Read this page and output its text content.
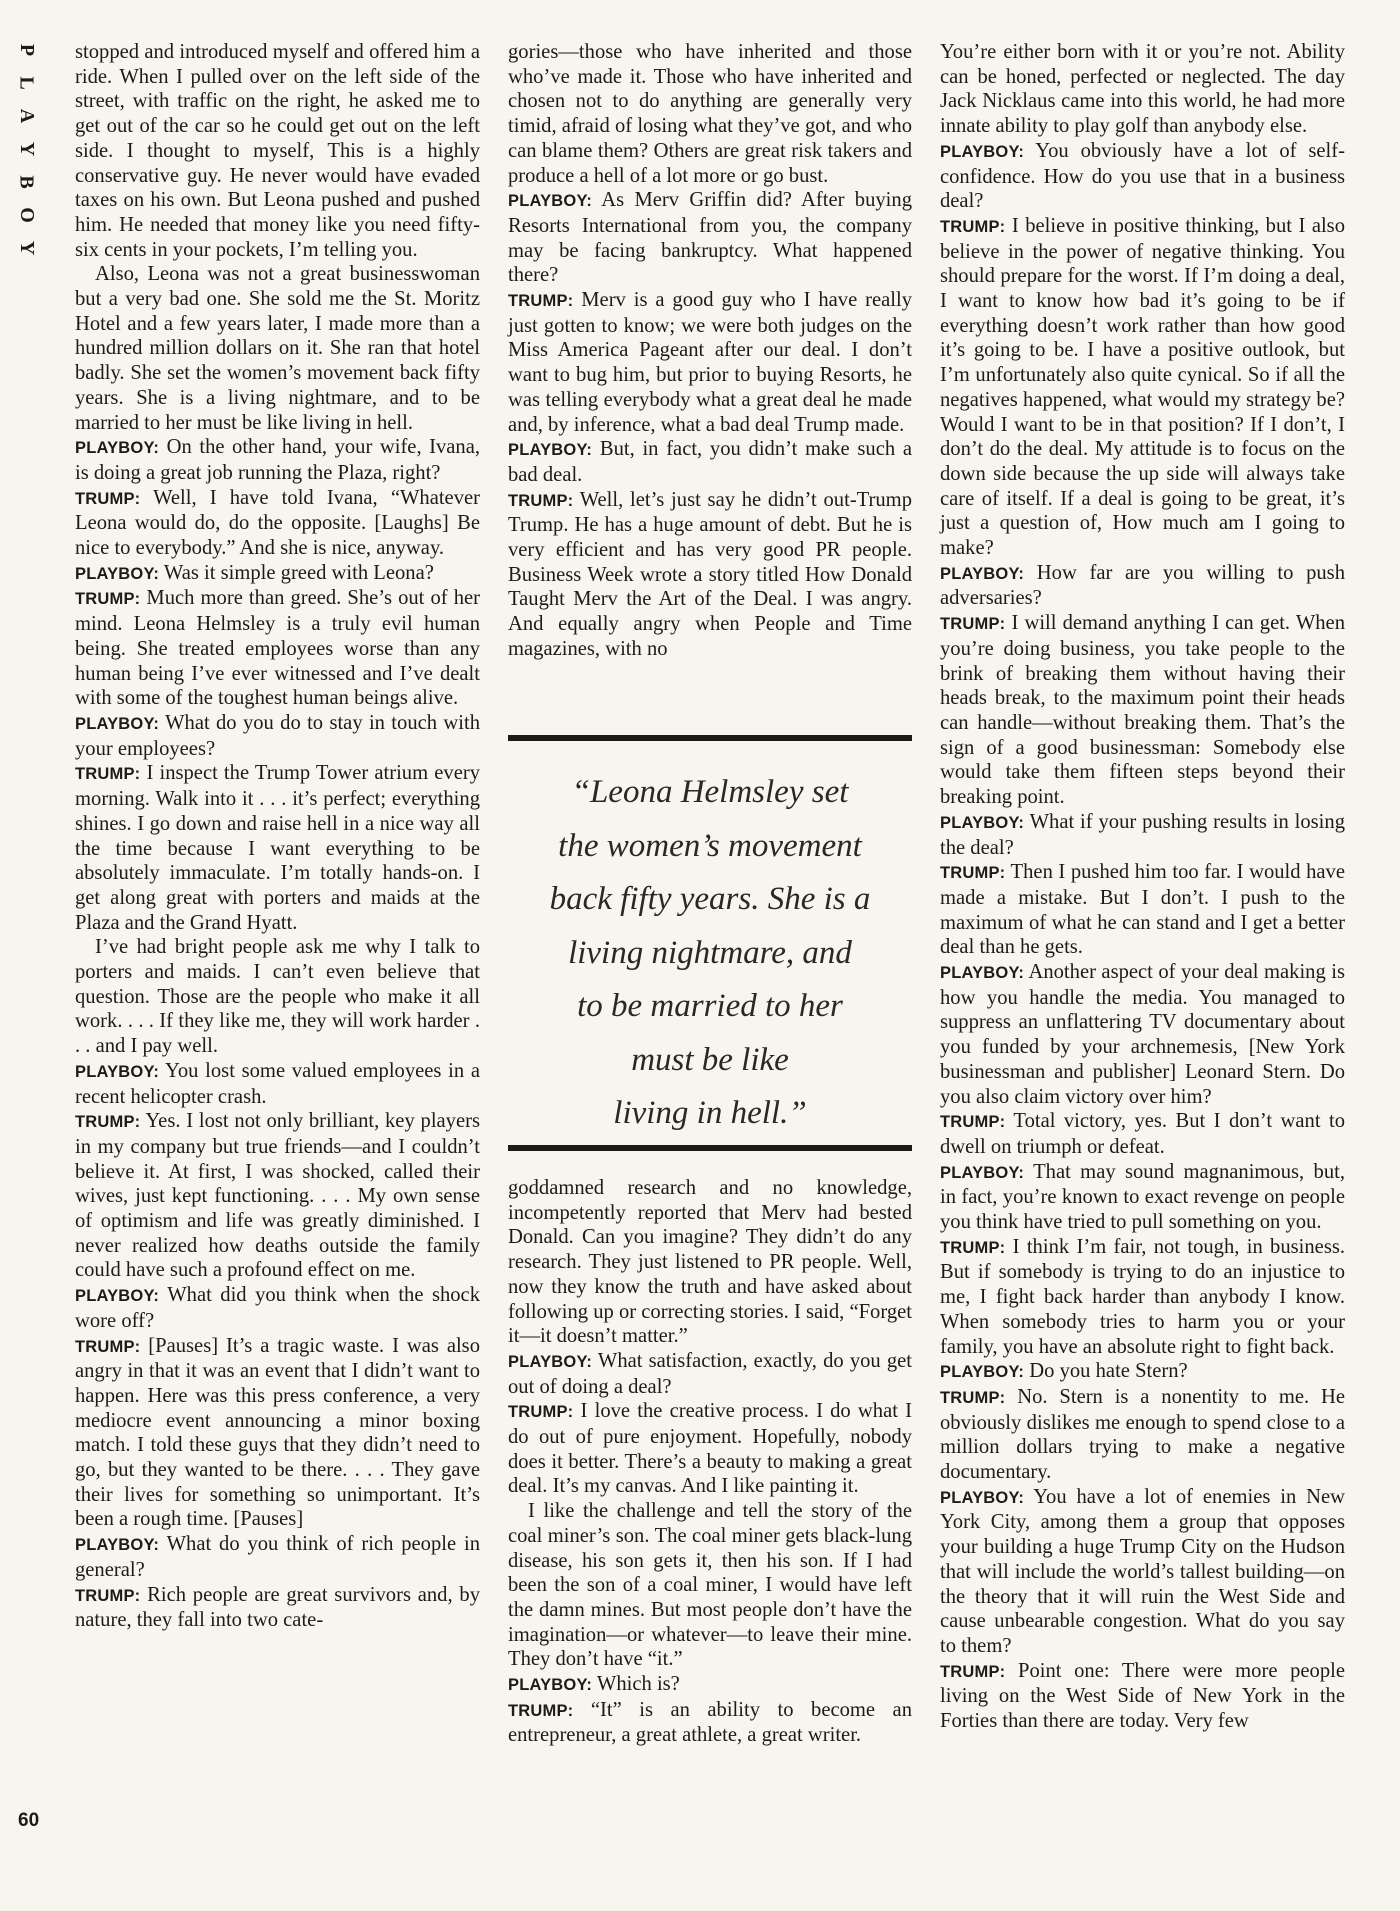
P
L
A
Y
B
O
Y
60

stopped and introduced myself and offered him a ride. When I pulled over on the left side of the street, with traffic on the right, he asked me to get out of the car so he could get out on the left side. I thought to myself, This is a highly conservative guy. He never would have evaded taxes on his own. But Leona pushed and pushed him. He needed that money like you need fifty-six cents in your pockets, I’m telling you.

Also, Leona was not a great businesswoman but a very bad one. She sold me the St. Moritz Hotel and a few years later, I made more than a hundred million dollars on it. She ran that hotel badly. She set the women’s movement back fifty years. She is a living nightmare, and to be married to her must be like living in hell.

PLAYBOY: On the other hand, your wife, Ivana, is doing a great job running the Plaza, right?

TRUMP: Well, I have told Ivana, “Whatever Leona would do, do the opposite. [Laughs] Be nice to everybody.” And she is nice, anyway.

PLAYBOY: Was it simple greed with Leona?

TRUMP: Much more than greed. She’s out of her mind. Leona Helmsley is a truly evil human being. She treated employees worse than any human being I’ve ever witnessed and I’ve dealt with some of the toughest human beings alive.

PLAYBOY: What do you do to stay in touch with your employees?

TRUMP: I inspect the Trump Tower atrium every morning. Walk into it . . . it’s perfect; everything shines. I go down and raise hell in a nice way all the time because I want everything to be absolutely immaculate. I’m totally hands-on. I get along great with porters and maids at the Plaza and the Grand Hyatt.

I’ve had bright people ask me why I talk to porters and maids. I can’t even believe that question. Those are the people who make it all work. . . . If they like me, they will work harder . . . and I pay well.

PLAYBOY: You lost some valued employees in a recent helicopter crash.

TRUMP: Yes. I lost not only brilliant, key players in my company but true friends—and I couldn’t believe it. At first, I was shocked, called their wives, just kept functioning. . . . My own sense of optimism and life was greatly diminished. I never realized how deaths outside the family could have such a profound effect on me.

PLAYBOY: What did you think when the shock wore off?

TRUMP: [Pauses] It’s a tragic waste. I was also angry in that it was an event that I didn’t want to happen. Here was this press conference, a very mediocre event announcing a minor boxing match. I told these guys that they didn’t need to go, but they wanted to be there. . . . They gave their lives for something so unimportant. It’s been a rough time. [Pauses]

PLAYBOY: What do you think of rich people in general?

TRUMP: Rich people are great survivors and, by nature, they fall into two cate-

gories—those who have inherited and those who’ve made it. Those who have inherited and chosen not to do anything are generally very timid, afraid of losing what they’ve got, and who can blame them? Others are great risk takers and produce a hell of a lot more or go bust.

PLAYBOY: As Merv Griffin did? After buying Resorts International from you, the company may be facing bankruptcy. What happened there?

TRUMP: Merv is a good guy who I have really just gotten to know; we were both judges on the Miss America Pageant after our deal. I don’t want to bug him, but prior to buying Resorts, he was telling everybody what a great deal he made and, by inference, what a bad deal Trump made.

PLAYBOY: But, in fact, you didn’t make such a bad deal.

TRUMP: Well, let’s just say he didn’t out-Trump Trump. He has a huge amount of debt. But he is very efficient and has very good PR people. Business Week wrote a story titled How Donald Taught Merv the Art of the Deal. I was angry. And equally angry when People and Time magazines, with no

“Leona Helmsley set
the women’s movement
back fifty years. She is a
living nightmare, and
to be married to her
must be like
living in hell.”

goddamned research and no knowledge, incompetently reported that Merv had bested Donald. Can you imagine? They didn’t do any research. They just listened to PR people. Well, now they know the truth and have asked about following up or correcting stories. I said, “Forget it—it doesn’t matter.”

PLAYBOY: What satisfaction, exactly, do you get out of doing a deal?

TRUMP: I love the creative process. I do what I do out of pure enjoyment. Hopefully, nobody does it better. There’s a beauty to making a great deal. It’s my canvas. And I like painting it.

I like the challenge and tell the story of the coal miner’s son. The coal miner gets black-lung disease, his son gets it, then his son. If I had been the son of a coal miner, I would have left the damn mines. But most people don’t have the imagination—or whatever—to leave their mine. They don’t have “it.”

PLAYBOY: Which is?

TRUMP: “It” is an ability to become an entrepreneur, a great athlete, a great writer.

You’re either born with it or you’re not. Ability can be honed, perfected or neglected. The day Jack Nicklaus came into this world, he had more innate ability to play golf than anybody else.

PLAYBOY: You obviously have a lot of self-confidence. How do you use that in a business deal?

TRUMP: I believe in positive thinking, but I also believe in the power of negative thinking. You should prepare for the worst. If I’m doing a deal, I want to know how bad it’s going to be if everything doesn’t work rather than how good it’s going to be. I have a positive outlook, but I’m unfortunately also quite cynical. So if all the negatives happened, what would my strategy be? Would I want to be in that position? If I don’t, I don’t do the deal. My attitude is to focus on the down side because the up side will always take care of itself. If a deal is going to be great, it’s just a question of, How much am I going to make?

PLAYBOY: How far are you willing to push adversaries?

TRUMP: I will demand anything I can get. When you’re doing business, you take people to the brink of breaking them without having their heads break, to the maximum point their heads can handle—without breaking them. That’s the sign of a good businessman: Somebody else would take them fifteen steps beyond their breaking point.

PLAYBOY: What if your pushing results in losing the deal?

TRUMP: Then I pushed him too far. I would have made a mistake. But I don’t. I push to the maximum of what he can stand and I get a better deal than he gets.

PLAYBOY: Another aspect of your deal making is how you handle the media. You managed to suppress an unflattering TV documentary about you funded by your archnemesis, [New York businessman and publisher] Leonard Stern. Do you also claim victory over him?

TRUMP: Total victory, yes. But I don’t want to dwell on triumph or defeat.

PLAYBOY: That may sound magnanimous, but, in fact, you’re known to exact revenge on people you think have tried to pull something on you.

TRUMP: I think I’m fair, not tough, in business. But if somebody is trying to do an injustice to me, I fight back harder than anybody I know. When somebody tries to harm you or your family, you have an absolute right to fight back.

PLAYBOY: Do you hate Stern?

TRUMP: No. Stern is a nonentity to me. He obviously dislikes me enough to spend close to a million dollars trying to make a negative documentary.

PLAYBOY: You have a lot of enemies in New York City, among them a group that opposes your building a huge Trump City on the Hudson that will include the world’s tallest building—on the theory that it will ruin the West Side and cause unbearable congestion. What do you say to them?

TRUMP: Point one: There were more people living on the West Side of New York in the Forties than there are today. Very few
